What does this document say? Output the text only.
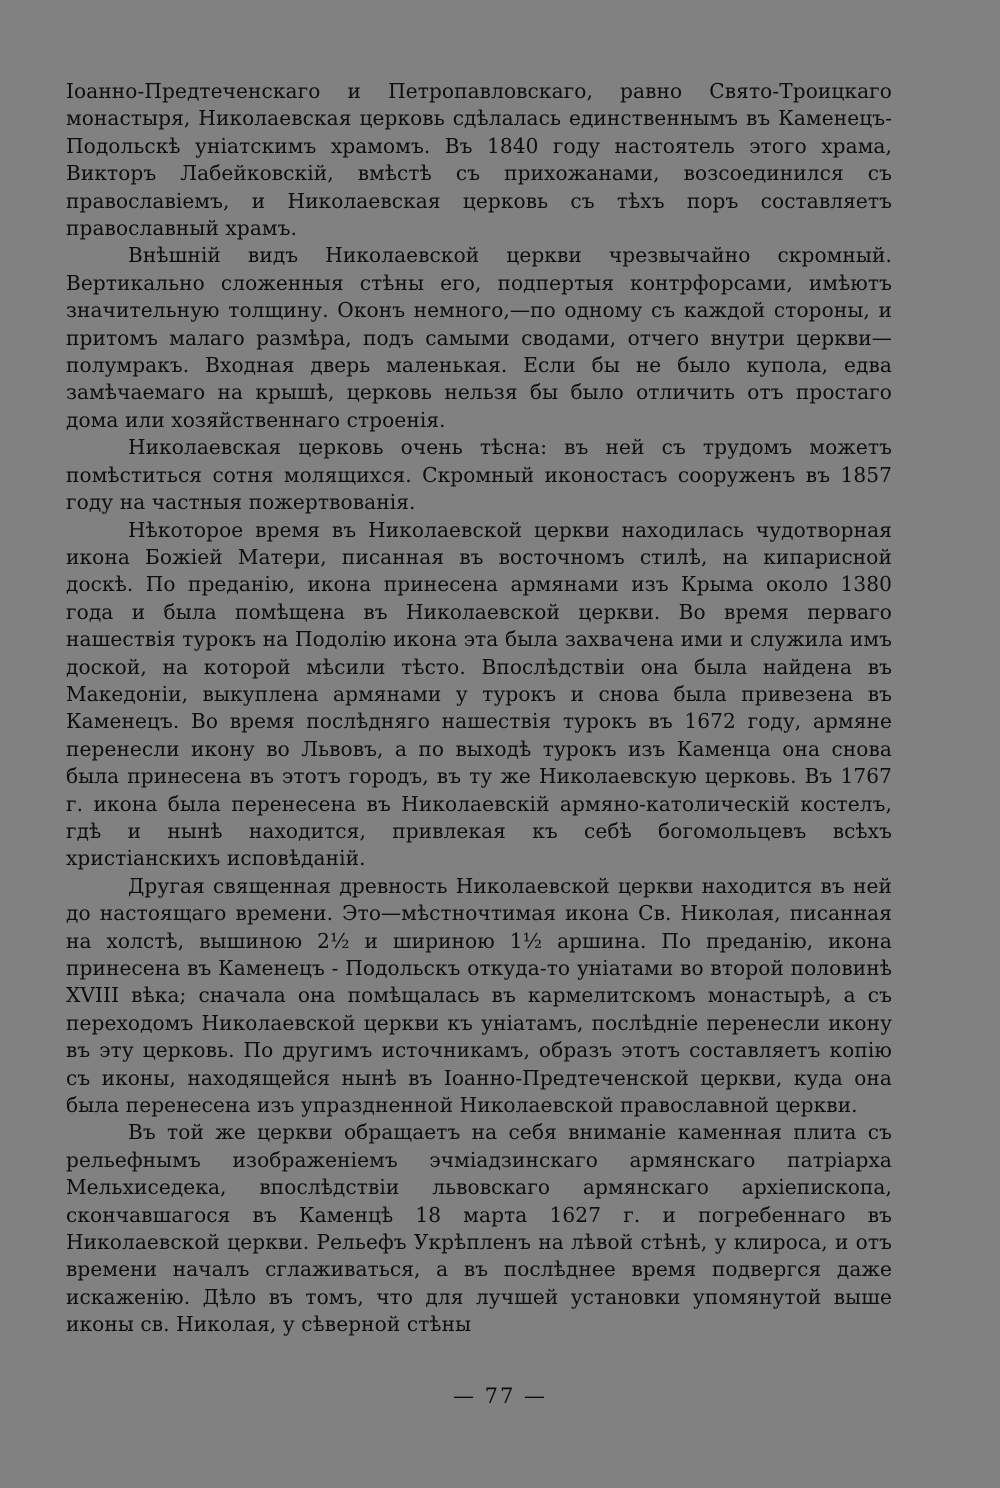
Іоанно-Предтеченскаго и Петропавловскаго, равно Свято-Троицкаго монастыря, Николаевская церковь сдѣлалась единственнымъ въ Каменецъ-Подольскѣ уніатскимъ храмомъ. Въ 1840 году настоятель этого храма, Викторъ Лабейковскій, вмѣстѣ съ прихожанами, возсоединился съ православіемъ, и Николаевская церковь съ тѣхъ поръ составляетъ православный храмъ.

Внѣшній видъ Николаевской церкви чрезвычайно скромный. Вертикально сложенныя стѣны его, подпертыя контрфорсами, имѣютъ значительную толщину. Оконъ немного,—по одному съ каждой стороны, и притомъ малаго размѣра, подъ самыми сводами, отчего внутри церкви—полумракъ. Входная дверь маленькая. Если бы не было купола, едва замѣчаемаго на крышѣ, церковь нельзя бы было отличить отъ простаго дома или хозяйственнаго строенія.

Николаевская церковь очень тѣсна: въ ней съ трудомъ можетъ помѣститься сотня молящихся. Скромный иконостасъ сооруженъ въ 1857 году на частныя пожертвованія.

Нѣкоторое время въ Николаевской церкви находилась чудотворная икона Божіей Матери, писанная въ восточномъ стилѣ, на кипарисной доскѣ. По преданію, икона принесена армянами изъ Крыма около 1380 года и была помѣщена въ Николаевской церкви. Во время перваго нашествія турокъ на Подолію икона эта была захвачена ими и служила имъ доской, на которой мѣсили тѣсто. Впослѣдствіи она была найдена въ Македоніи, выкуплена армянами у турокъ и снова была привезена въ Каменецъ. Во время послѣдняго нашествія турокъ въ 1672 году, армяне перенесли икону во Львовъ, а по выходѣ турокъ изъ Каменца она снова была принесена въ этотъ городъ, въ ту же Николаевскую церковь. Въ 1767 г. икона была перенесена въ Николаевскій армяно-католическій костелъ, гдѣ и нынѣ находится, привлекая къ себѣ богомольцевъ всѣхъ христіанскихъ исповѣданій.

Другая священная древность Николаевской церкви находится въ ней до настоящаго времени. Это—мѣстночтимая икона Св. Николая, писанная на холстѣ, вышиною 2½ и шириною 1½ аршина. По преданію, икона принесена въ Каменецъ - Подольскъ откуда-то уніатами во второй половинѣ XVIII вѣка; сначала она помѣщалась въ кармелитскомъ монастырѣ, а съ переходомъ Николаевской церкви къ уніатамъ, послѣдніе перенесли икону въ эту церковь. По другимъ источникамъ, образъ этотъ составляетъ копію съ иконы, находящейся нынѣ въ Іоанно-Предтеченской церкви, куда она была перенесена изъ упраздненной Николаевской православной церкви.

Въ той же церкви обращаетъ на себя вниманіе каменная плита съ рельефнымъ изображеніемъ эчміадзинскаго армянскаго патріарха Мельхиседека, впослѣдствіи львовскаго армянскаго архіепископа, скончавшагося въ Каменцѣ 18 марта 1627 г. и погребеннаго въ Николаевской церкви. Рельефъ Укрѣпленъ на лѣвой стѣнѣ, у клироса, и отъ времени началъ сглаживаться, а въ послѣднее время подвергся даже искаженію. Дѣло въ томъ, что для лучшей установки упомянутой выше иконы св. Николая, у сѣверной стѣны

— 77 —
